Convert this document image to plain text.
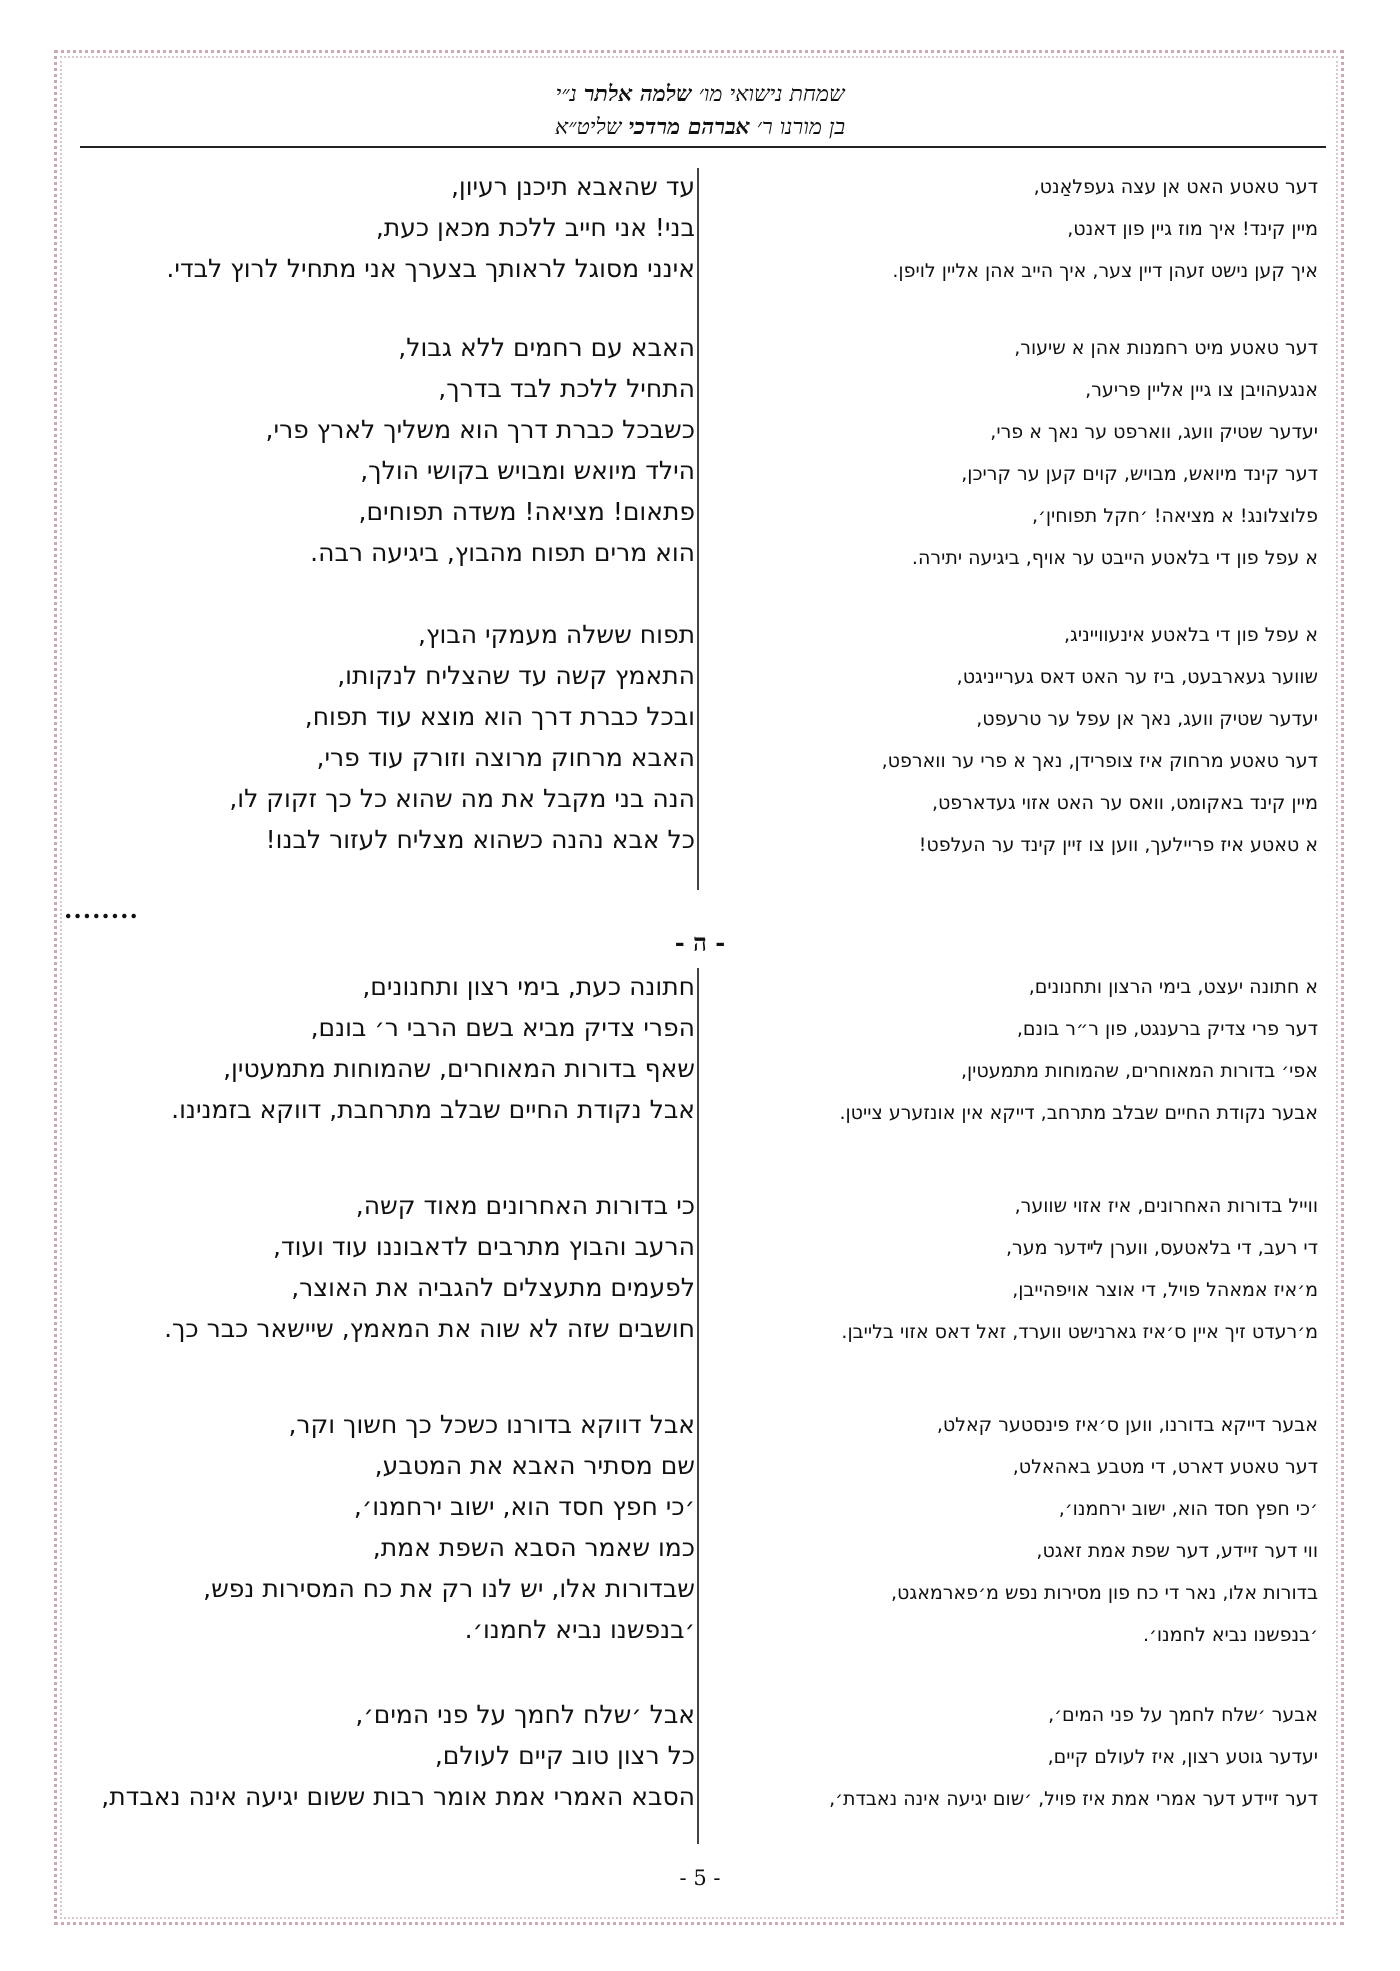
שמחת נישואי מו׳ שלמה אלתר נ״י
בן מורנו ר׳ אברהם מרדכי שליט״א
דער טאטע האט אן עצה געפלאַנט,
מיין קינד! איך מוז גיין פון דאנט,
איך קען נישט זעהן דיין צער, איך הייב אהן אליין לויפן.
דער טאטע מיט רחמנות אהן א שיעור,
אנגעהויבן צו גיין אליין פריער,
יעדער שטיק וועג, ווארפט ער נאך א פרי,
דער קינד מיואש, מבויש, קוים קען ער קריכן,
פלוצלונג! א מציאה! ׳חקל תפוחין׳,
א עפל פון די בלאטע הייבט ער אויף, ביגיעה יתירה.
א עפל פון די בלאטע אינעווייניג,
שווער געארבעט, ביז ער האט דאס גערייניגט,
יעדער שטיק וועג, נאך אן עפל ער טרעפט,
דער טאטע מרחוק איז צופרידן, נאך א פרי ער ווארפט,
מיין קינד באקומט, וואס ער האט אזוי געדארפט,
א טאטע איז פריילעך, ווען צו זיין קינד ער העלפט!
עד שהאבא תיכנן רעיון,
בני! אני חייב ללכת מכאן כעת,
אינני מסוגל לראותך בצערך אני מתחיל לרוץ לבדי.
האבא עם רחמים ללא גבול,
התחיל ללכת לבד בדרך,
כשבכל כברת דרך הוא משליך לארץ פרי,
הילד מיואש ומבויש בקושי הולך,
פתאום! מציאה! משדה תפוחים,
הוא מרים תפוח מהבוץ, ביגיעה רבה.
תפוח ששלה מעמקי הבוץ,
התאמץ קשה עד שהצליח לנקותו,
ובכל כברת דרך הוא מוצא עוד תפוח,
האבא מרחוק מרוצה וזורק עוד פרי,
הנה בני מקבל את מה שהוא כל כך זקוק לו,
כל אבא נהנה כשהוא מצליח לעזור לבנו!
........
- ה -
א חתונה יעצט, בימי הרצון ותחנונים,
דער פרי צדיק ברענגט, פון ר״ר בונם,
אפי׳ בדורות המאוחרים, שהמוחות מתמעטין,
אבער נקודת החיים שבלב מתרחב, דייקא אין אונזערע צייטן.
ווייל בדורות האחרונים, איז אזוי שווער,
די רעב, די בלאטעס, ווערן לײדער מער,
מ׳איז אמאהל פויל, די אוצר אויפהייבן,
מ׳רעדט זיך איין ס׳איז גארנישט ווערד, זאל דאס אזוי בלייבן.
אבער דייקא בדורנו, ווען ס׳איז פינסטער קאלט,
דער טאטע דארט, די מטבע באהאלט,
׳כי חפץ חסד הוא, ישוב ירחמנו׳,
ווי דער זיידע, דער שפת אמת זאגט,
בדורות אלו, נאר די כח פון מסירות נפש מ׳פארמאגט,
׳בנפשנו נביא לחמנו׳.
אבער ׳שלח לחמך על פני המים׳,
יעדער גוטע רצון, איז לעולם קיים,
דער זיידע דער אמרי אמת איז פויל, ׳שום יגיעה אינה נאבדת׳,
חתונה כעת, בימי רצון ותחנונים,
הפרי צדיק מביא בשם הרבי ר׳ בונם,
שאף בדורות המאוחרים, שהמוחות מתמעטין,
אבל נקודת החיים שבלב מתרחבת, דווקא בזמנינו.
כי בדורות האחרונים מאוד קשה,
הרעב והבוץ מתרבים לדאבוננו עוד ועוד,
לפעמים מתעצלים להגביה את האוצר,
חושבים שזה לא שוה את המאמץ, שיישאר כבר כך.
אבל דווקא בדורנו כשכל כך חשוך וקר,
שם מסתיר האבא את המטבע,
׳כי חפץ חסד הוא, ישוב ירחמנו׳,
כמו שאמר הסבא השפת אמת,
שבדורות אלו, יש לנו רק את כח המסירות נפש,
׳בנפשנו נביא לחמנו׳.
אבל ׳שלח לחמך על פני המים׳,
כל רצון טוב קיים לעולם,
הסבא האמרי אמת אומר רבות ששום יגיעה אינה נאבדת,
- 5 -
